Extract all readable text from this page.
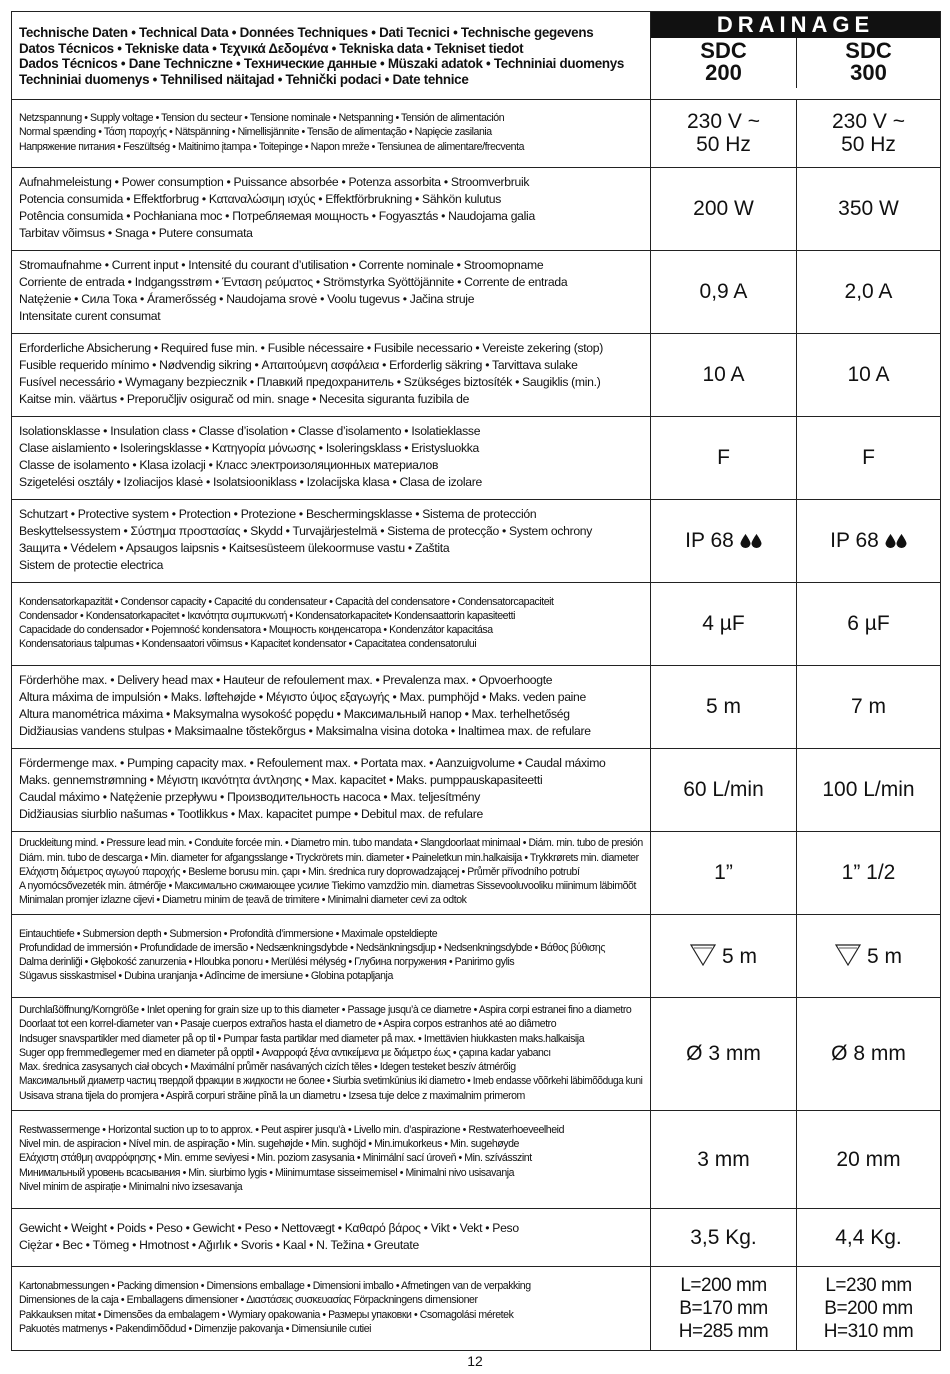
Technische Daten • Technical Data • Données Techniques • Dati Tecnici • Technische gegevens
Datos Técnicos • Tekniske data • Τεχνικά Δεδομένα • Tekniska data • Tekniset tiedot
Dados Técnicos • Dane Techniczne • Технические данные • Müszaki adatok • Techniniai duomenys
Techniniai duomenys • Tehnilised näitajad • Tehnički podaci • Date tehnice

DRAINAGE
SDC
200

SDC
300

Netzspannung • Supply voltage • Tension du secteur • Tensione nominale • Netspanning • Tensión de alimentación
Normal spænding • Τάση παροχής • Nätspänning • Nimellisjännite • Tensão de alimentação • Napięcie zasilania
Напряжение питания • Feszültség • Maitinimo įtampa • Toitepinge • Napon mreže • Tensiunea de alimentare/frecventa

230 V ~
50 Hz

230 V ~
50 Hz

Aufnahmeleistung • Power consumption • Puissance absorbée • Potenza assorbita • Stroomverbruik
Potencia consumida • Effektforbrug • Καταναλώσιμη ισχύς • Effektförbrukning • Sähkön kulutus
Potência consumida • Pochłaniana moc • Потребляемая мощность • Fogyasztás • Naudojama galia
Tarbitav võimsus • Snaga • Putere consumata

200 W	350 W

Stromaufnahme • Current input • Intensité du courant d’utilisation • Corrente nominale • Stroomopname
Corriente de entrada • Indgangsstrøm • Ένταση ρεύματος • Strömstyrka Syöttöjännite • Corrente de entrada
Natężenie • Сила Тока • Áramerősség • Naudojama srovė • Voolu tugevus • Jačina struje
Intensitate curent consumat

0,9 A	2,0 A

Erforderliche Absicherung • Required fuse min. • Fusible nécessaire • Fusibile necessario • Vereiste zekering (stop)
Fusible requerido mínimo • Nødvendig sikring • Απαιτούμενη ασφάλεια • Erforderlig säkring • Tarvittava sulake
Fusível necessário • Wymagany bezpiecznik • Плавкий предохранитель • Szükséges biztosíték • Saugiklis (min.)
Kaitse min. väärtus • Preporučljiv osigurač od min. snage • Necesita siguranta fuzibila de

10 A	10 A

Isolationsklasse • Insulation class • Classe d’isolation • Classe d’isolamento • Isolatieklasse
Clase aislamiento • Isoleringsklasse • Κατηγορία μόνωσης • Isoleringsklass • Eristysluokka
Classe de isolamento • Klasa izolacji • Класс электроизоляционных материалов
Szigetelési osztály • Izoliacijos klasė • Isolatsiooniklass • Izolacijska klasa • Clasa de izolare

F	F

Schutzart • Protective system • Protection • Protezione • Beschermingsklasse • Sistema de protección
Beskyttelsessystem • Σύστημα προστασίας • Skydd • Turvajärjestelmä • Sistema de protecção • System ochrony
Защита • Védelem • Apsaugos laipsnis • Kaitsesüsteem ülekoormuse vastu • Zaštita
Sistem de protectie electrica

IP 68	IP 68

Kondensatorkapazität • Condensor capacity • Capacité du condensateur • Capacità del condensatore • Condensatorcapaciteit
Condensador • Kondensatorkapacitet • Ικανότητα συμπυκνωτή • Kondensatorkapacitet• Kondensaattorin kapasiteetti
Capacidade do condensador • Pojemność kondensatora • Мощность конденсатора • Kondenzátor kapacitása
Kondensatoriaus talpumas • Kondensaatori võimsus • Kapacitet kondensator • Capacitatea condensatorului

4 µF	6 µF

Förderhöhe max. • Delivery head max • Hauteur de refoulement max. • Prevalenza max. • Opvoerhoogte
Altura máxima de impulsión • Maks. løftehøjde • Μέγιστο ύψος εξαγωγής • Max. pumphöjd • Maks. veden paine
Altura manométrica máxima • Maksymalna wysokość popędu • Максимальный напор • Max. terhelhetőség
Didžiausias vandens stulpas • Maksimaalne tõstekõrgus • Maksimalna visina dotoka • Inaltimea max. de refulare

5 m	7 m

Fördermenge max. • Pumping capacity max. • Refoulement max. • Portata max. • Aanzuigvolume • Caudal máximo
Maks. gennemstrømning • Μέγιστη ικανότητα άντλησης • Max. kapacitet • Maks. pumppauskapasiteetti
Caudal máximo • Natężenie przepływu • Производительность насоса • Max. teljesítmény
Didžiausias siurblio našumas • Tootlikkus • Max. kapacitet pumpe • Debitul max. de refulare

60 L/min	100 L/min

Druckleitung mind. • Pressure lead min. • Conduite forcée min. • Diametro min. tubo mandata • Slangdoorlaat minimaal • Diám. min. tubo de presión
Diám. min. tubo de descarga • Min. diameter for afgangsslange • Tryckrörets min. diameter • Paineletkun min.halkaisija • Trykkrørets min. diameter
Ελάχιστη διάμετρος αγωγού παροχής • Besleme borusu min. çapı • Min. średnica rury doprowadzającej • Průměr přívodního potrubí
A nyomócsővezeték min. átmérője • Максимально сжимающее усилие Tiekimo vamzdžio min. diametras Sissevooluvooliku miinimum läbimõõt
Minimalan promjer izlazne cijevi • Diametru minim de țeavă de trimitere • Minimalni diameter cevi za odtok

1”	1” 1/2

Eintauchtiefe • Submersion depth • Submersion • Profondità d’immersione • Maximale opsteldiepte
Profundidad de immersión • Profundidade de imersão • Nedsænkningsdybde • Nedsänkningsdjup • Nedsenkningsdybde • Βάθος βύθισης
Dalma derinliği • Głębokość zanurzenia • Hloubka ponoru • Merülési mélység • Глубина погружения • Panirimo gylis
Sügavus sisskastmisel • Dubina uranjanja • Adîncime de imersiune • Globina potapljanja

5 m	5 m

Durchlaßöffnung/Korngröße • Inlet opening for grain size up to this diameter • Passage jusqu’à ce diametre • Aspira corpi estranei fino a diametro
Doorlaat tot een korrel-diameter van • Pasaje cuerpos extraños hasta el diametro de • Aspira corpos estranhos até ao diâmetro
Indsuger snavspartikler med diameter på op til • Pumpar fasta partiklar med diameter på max. • Imettävien hiukkasten maks.halkaisija
Suger opp fremmedlegemer med en diameter på opptil • Αναρροφά ξένα αντικείμενα με διάμετρο έως • çapına kadar yabancı
Max. średnica zasysanych ciał obcych • Maximální průměr nasávaných cizích těles • Idegen testeket beszív átmérőig
Максимальный диаметр частиц твердой фракции в жидкости не более • Siurbia svetimkūnius iki diametro • Imeb endasse võõrkehi läbimõõduga kuni
Usisava strana tijela do promjera • Aspiră corpuri străine pînă la un diametru • Izsesa tuje delce z maximalnim primerom

Ø 3 mm	Ø 8 mm

Restwassermenge • Horizontal suction up to to approx. • Peut aspirer jusqu’à • Livello min. d’aspirazione • Restwaterhoeveelheid
Nivel min. de aspiracion • Nível min. de aspiração • Min. sugehøjde • Min. sughöjd • Min.imukorkeus • Min. sugehøyde
Ελάχιστη στάθμη αναρρόφησης • Min. emme seviyesi • Min. poziom zasysania • Minimální sací úroveň • Min. szívásszint
Минимальный уровень всасывания • Min. siurbimo lygis • Miinimumtase sisseimemisel • Minimalni nivo usisavanja
Nivel minim de aspirație • Minimalni nivo izsesavanja

3 mm	20 mm

Gewicht • Weight • Poids • Peso • Gewicht • Peso • Nettovægt • Καθαρό βάρος • Vikt • Vekt • Peso
Ciężar • Вес • Tömeg • Hmotnost • Ağırlık • Svoris • Kaal • N. Težina • Greutate	3,5 Kg.	4,4 Kg.

Kartonabmessungen • Packing dimension • Dimensions emballage • Dimensioni imballo • Afmetingen van de verpakking
Dimensiones de la caja • Emballagens dimensioner • Διαστάσεις συσκευασίας Förpackningens dimensioner
Pakkauksen mitat • Dimensões da embalagem • Wymiary opakowania • Размеры упаковки • Csomagolási méretek
Pakuotės matmenys • Pakendimõõdud • Dimenzije pakovanja • Dimensiunile cutiei

L=200 mm
B=170 mm
H=285 mm

L=230 mm
B=200 mm
H=310 mm
12
